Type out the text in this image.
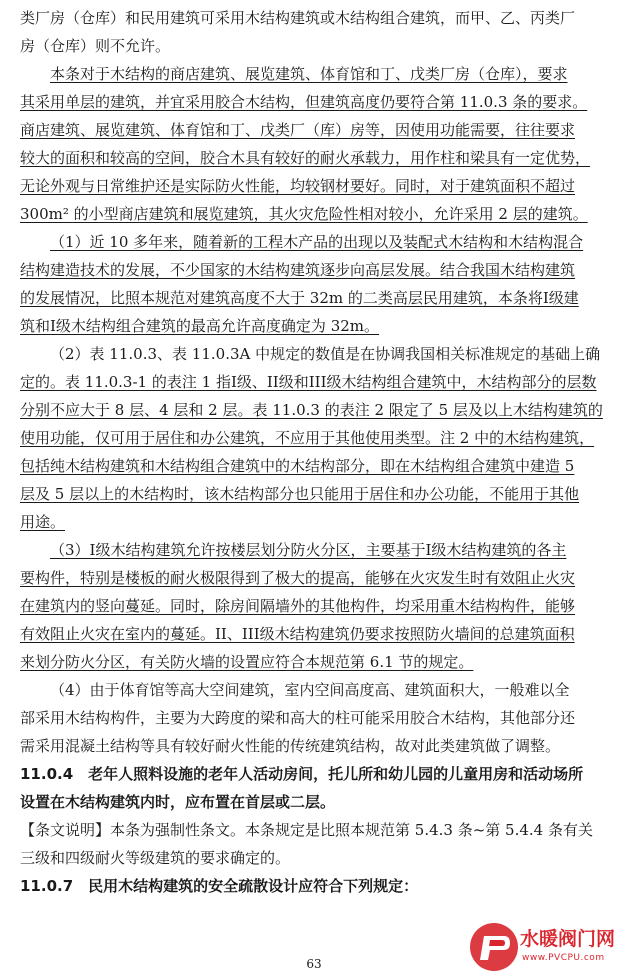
类厂房（仓库）和民用建筑可采用木结构建筑或木结构组合建筑，而甲、乙、丙类厂
房（仓库）则不允许。
本条对于木结构的商店建筑、展览建筑、体育馆和丁、戊类厂房（仓库），要求
其采用单层的建筑，并宜采用胶合木结构，但建筑高度仍要符合第 11.0.3 条的要求。
商店建筑、展览建筑、体育馆和丁、戊类厂（库）房等，因使用功能需要，往往要求
较大的面积和较高的空间，胶合木具有较好的耐火承载力，用作柱和梁具有一定优势，
无论外观与日常维护还是实际防火性能，均较钢材要好。同时，对于建筑面积不超过
300m² 的小型商店建筑和展览建筑，其火灾危险性相对较小，允许采用 2 层的建筑。
（1）近 10 多年来，随着新的工程木产品的出现以及装配式木结构和木结构混合
结构建造技术的发展，不少国家的木结构建筑逐步向高层发展。结合我国木结构建筑
的发展情况，比照本规范对建筑高度不大于 32m 的二类高层民用建筑，本条将I级建
筑和I级木结构组合建筑的最高允许高度确定为 32m。
（2）表 11.0.3、表 11.0.3A 中规定的数值是在协调我国相关标准规定的基础上确
定的。表 11.0.3-1 的表注 1 指I级、II级和III级木结构组合建筑中，木结构部分的层数
分别不应大于 8 层、4 层和 2 层。表 11.0.3 的表注 2 限定了 5 层及以上木结构建筑的
使用功能，仅可用于居住和办公建筑，不应用于其他使用类型。注 2 中的木结构建筑，
包括纯木结构建筑和木结构组合建筑中的木结构部分，即在木结构组合建筑中建造 5
层及 5 层以上的木结构时，该木结构部分也只能用于居住和办公功能，不能用于其他
用途。
（3）I级木结构建筑允许按楼层划分防火分区，主要基于I级木结构建筑的各主
要构件，特别是楼板的耐火极限得到了极大的提高，能够在火灾发生时有效阻止火灾
在建筑内的竖向蔓延。同时，除房间隔墙外的其他构件，均采用重木结构构件，能够
有效阻止火灾在室内的蔓延。II、III级木结构建筑仍要求按照防火墙间的总建筑面积
来划分防火分区，有关防火墙的设置应符合本规范第 6.1 节的规定。
（4）由于体育馆等高大空间建筑，室内空间高度高、建筑面积大，一般难以全
部采用木结构构件，主要为大跨度的梁和高大的柱可能采用胶合木结构，其他部分还
需采用混凝土结构等具有较好耐火性能的传统建筑结构，故对此类建筑做了调整。
11.0.4　老年人照料设施的老年人活动房间，托儿所和幼儿园的儿童用房和活动场所
设置在木结构建筑内时，应布置在首层或二层。
【条文说明】本条为强制性条文。本条规定是比照本规范第 5.4.3 条~第 5.4.4 条有关
三级和四级耐火等级建筑的要求确定的。
11.0.7　民用木结构建筑的安全疏散设计应符合下列规定：
63
水暖阀门网
www.PVCPU.com
